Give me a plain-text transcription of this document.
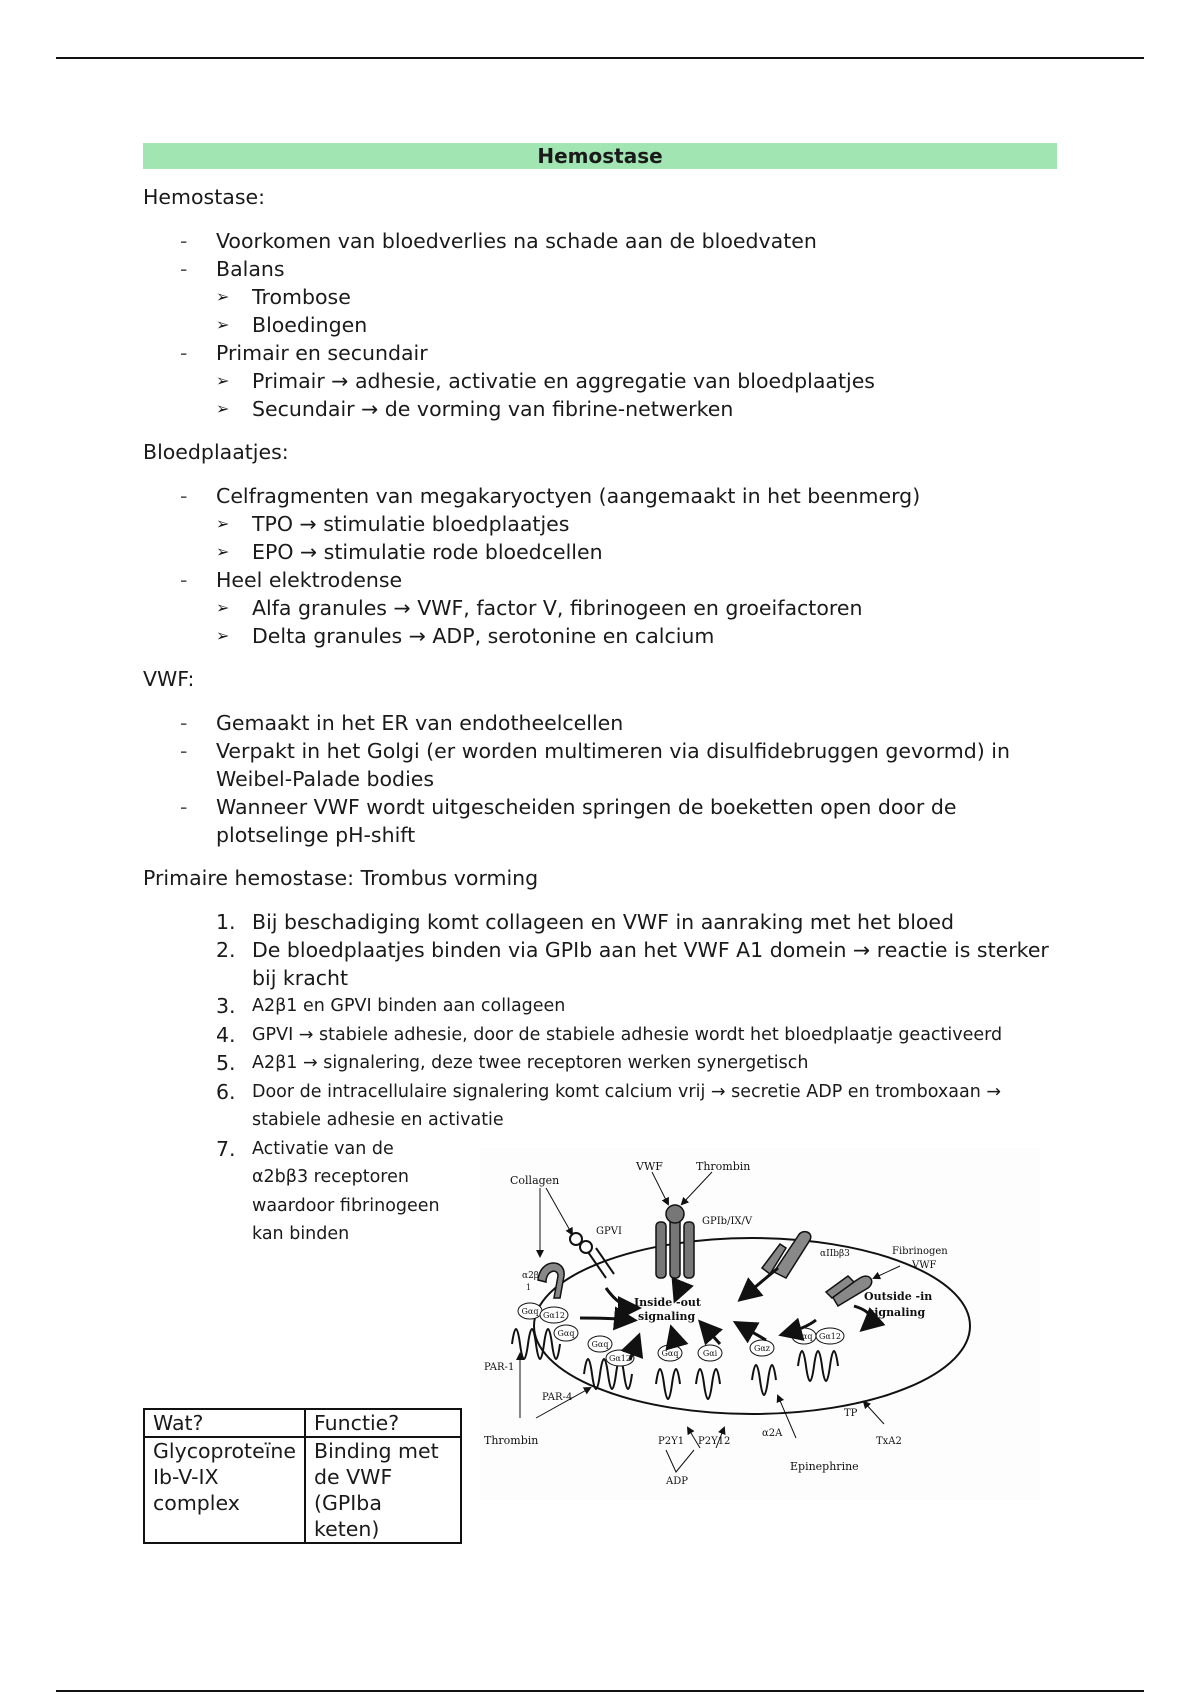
Hemostase
Hemostase:
- Voorkomen van bloedverlies na schade aan de bloedvaten
- Balans
➢ Trombose
➢ Bloedingen
- Primair en secundair
➢ Primair → adhesie, activatie en aggregatie van bloedplaatjes
➢ Secundair → de vorming van fibrine-netwerken
Bloedplaatjes:
- Celfragmenten van megakaryoctyen (aangemaakt in het beenmerg)
➢ TPO → stimulatie bloedplaatjes
➢ EPO → stimulatie rode bloedcellen
- Heel elektrodense
➢ Alfa granules → VWF, factor V, fibrinogeen en groeifactoren
➢ Delta granules → ADP, serotonine en calcium
VWF:
- Gemaakt in het ER van endotheelcellen
- Verpakt in het Golgi (er worden multimeren via disulfidebruggen gevormd) in Weibel-Palade bodies
- Wanneer VWF wordt uitgescheiden springen de boeketten open door de plotselinge pH-shift
Primaire hemostase: Trombus vorming
1. Bij beschadiging komt collageen en VWF in aanraking met het bloed
2. De bloedplaatjes binden via GPIb aan het VWF A1 domein → reactie is sterker bij kracht
3. A2β1 en GPVI binden aan collageen
4. GPVI → stabiele adhesie, door de stabiele adhesie wordt het bloedplaatje geactiveerd
5. A2β1 → signalering, deze twee receptoren werken synergetisch
6. Door de intracellulaire signalering komt calcium vrij → secretie ADP en tromboxaan → stabiele adhesie en activatie
7. Activatie van de α2bβ3 receptoren waardoor fibrinogeen kan binden
Wat?	Functie?
Glycoproteïne Ib-V-IX complex	Binding met de VWF (GPIba keten)
Gαq Gα12
Gαq
Gαq
Gα12
Gαq	Gαi
Gαz
Gαq Gα12
Collagen
VWF	Thrombin
GPVI
GPIb/IX/V
α2β
1
αIIbβ3	Fibrinogen
VWF
Inside -out
signaling
Outside -in
signaling
PAR-1
PAR-4
Thrombin	P2Y1 P2Y12
ADP
α2A
Epinephrine
TP
TxA2
